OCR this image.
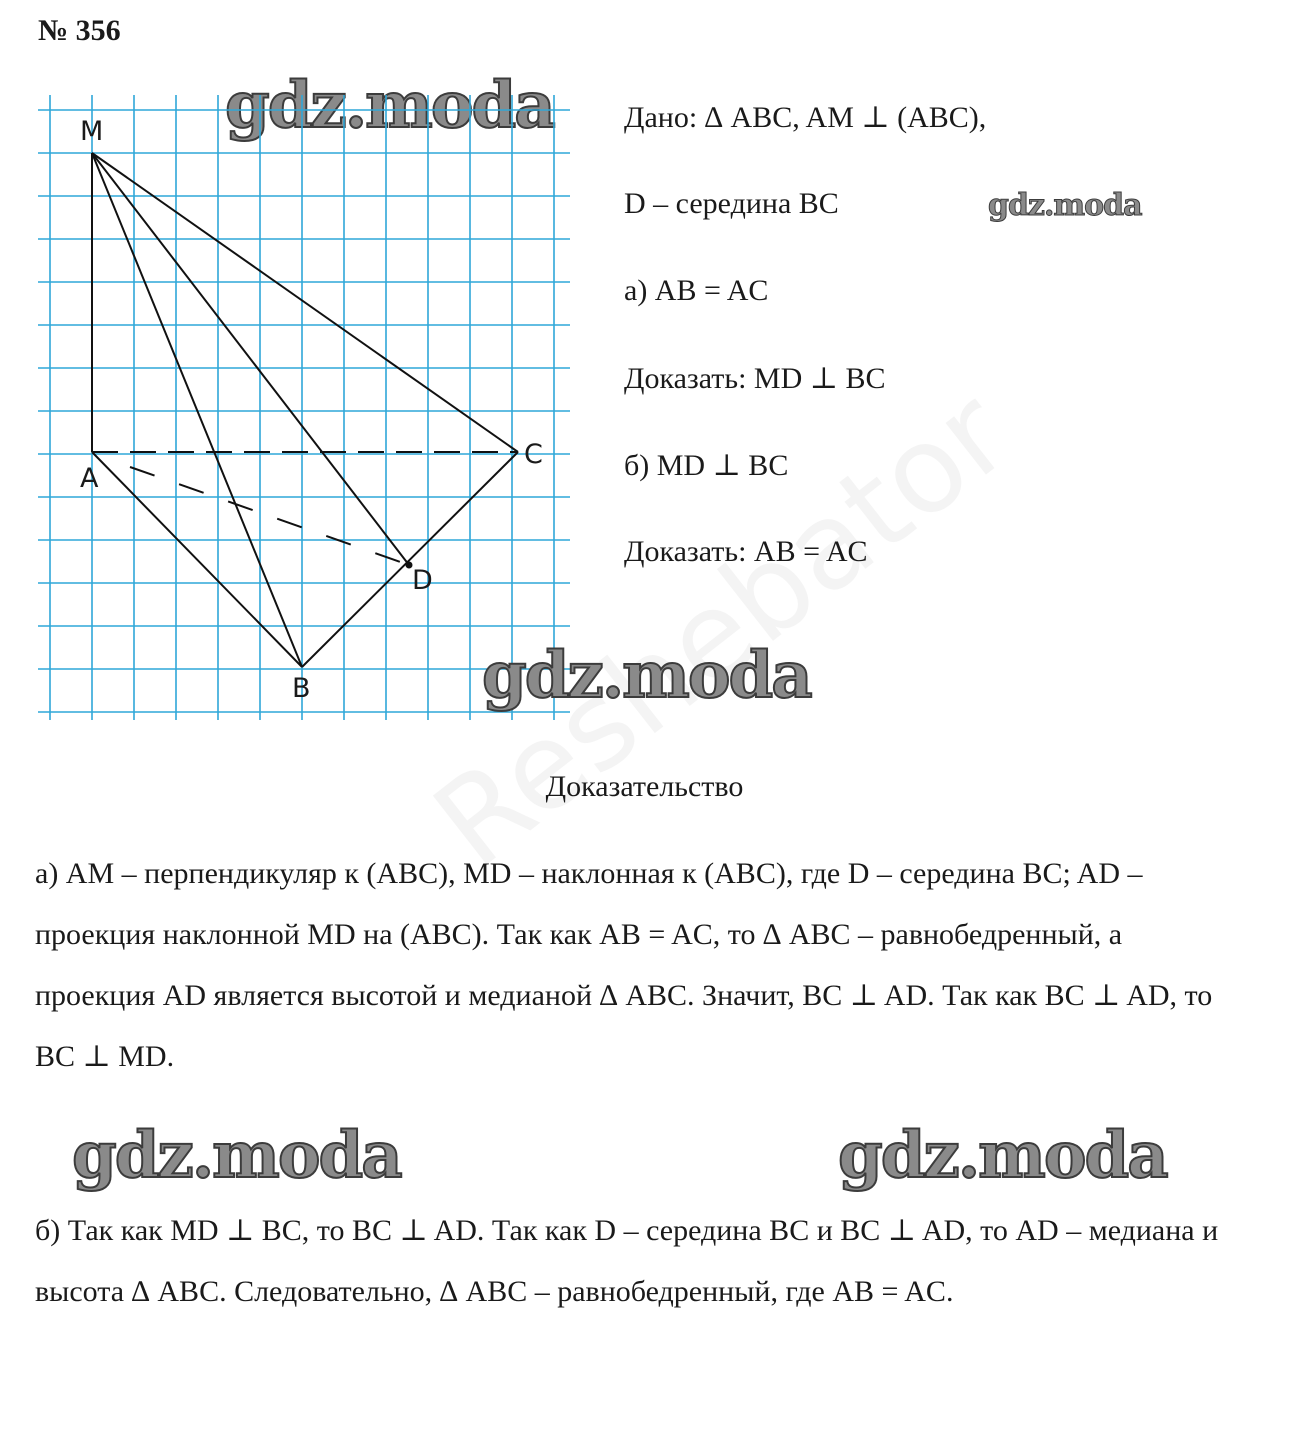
№ 356
gdz.moda
gdz.moda
M
A
B
C
D
Дано: ∆ ABC, AM ⊥ (ABC),
D – середина BC
а) AB = AC
Доказать: MD ⊥ BC
б) MD ⊥ BC
Доказать: AB = AC
gdz.moda
Доказательство
а) AM – перпендикуляр к (ABC), MD – наклонная к (ABC), где D – середина BC; AD – проекция наклонной MD на (ABC). Так как AB = AC, то ∆ ABC – равнобедренный, а проекция AD является высотой и медианой ∆ ABC. Значит, BC ⊥ AD. Так как BC ⊥ AD, то BC ⊥ MD.
gdz.moda	gdz.moda
б) Так как MD ⊥ BC, то BC ⊥ AD. Так как D – середина BC и BC ⊥ AD, то AD – медиана и высота ∆ ABC. Следовательно, ∆ ABC – равнобедренный, где AB = AC.
